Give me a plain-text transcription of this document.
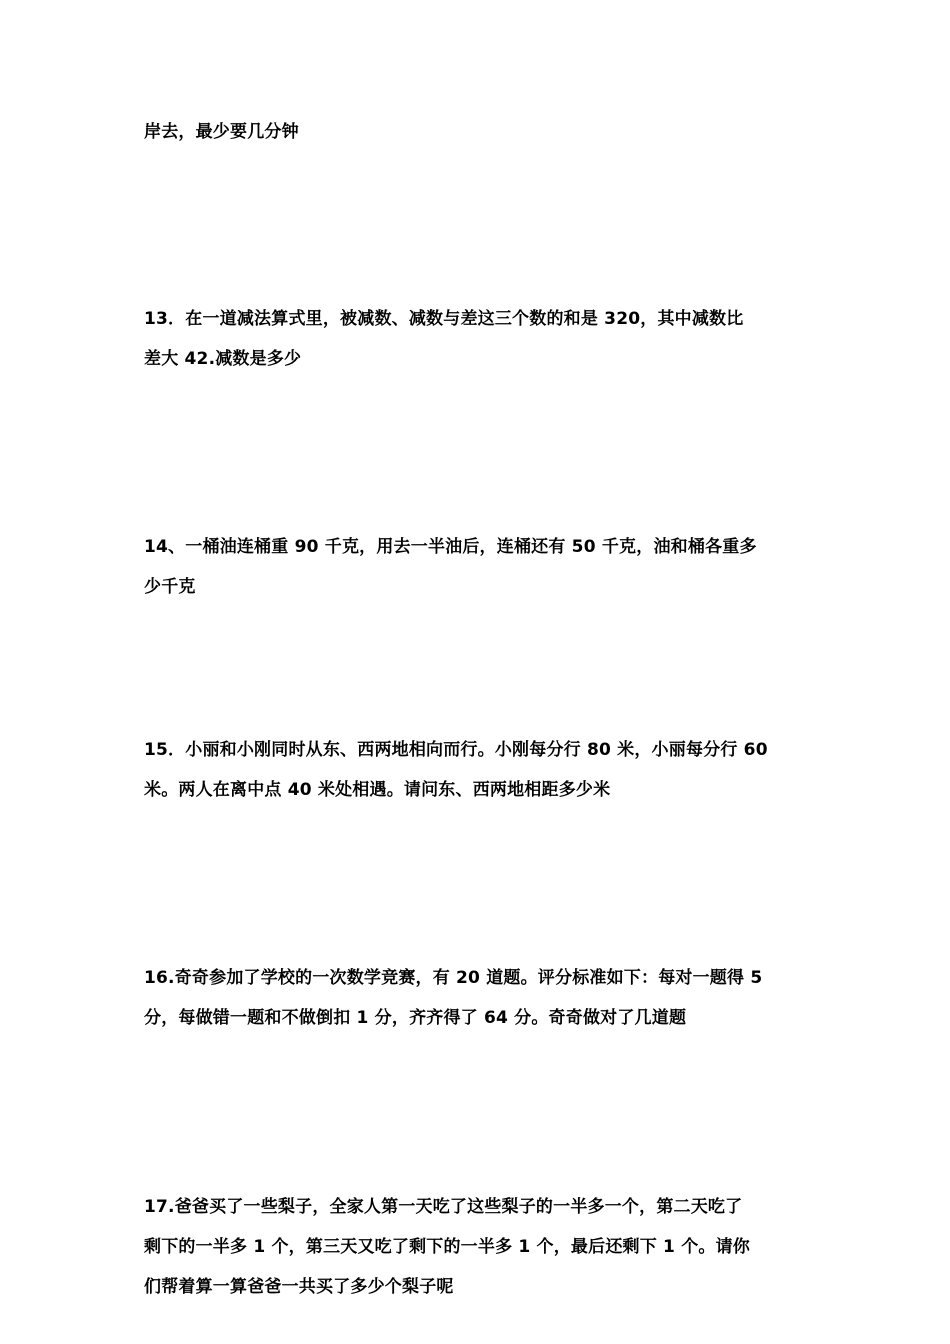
岸去，最少要几分钟
13．在一道减法算式里，被减数、减数与差这三个数的和是 320，其中减数比
差大 42.减数是多少
14、一桶油连桶重 90 千克，用去一半油后，连桶还有 50 千克，油和桶各重多
少千克
15．小丽和小刚同时从东、西两地相向而行。小刚每分行 80 米，小丽每分行 60
米。两人在离中点 40 米处相遇。请问东、西两地相距多少米
16.奇奇参加了学校的一次数学竞赛，有 20 道题。评分标准如下：每对一题得 5
分，每做错一题和不做倒扣 1 分，齐齐得了 64 分。奇奇做对了几道题
17.爸爸买了一些梨子，全家人第一天吃了这些梨子的一半多一个，第二天吃了
剩下的一半多 1 个，第三天又吃了剩下的一半多 1 个，最后还剩下 1 个。请你
们帮着算一算爸爸一共买了多少个梨子呢
